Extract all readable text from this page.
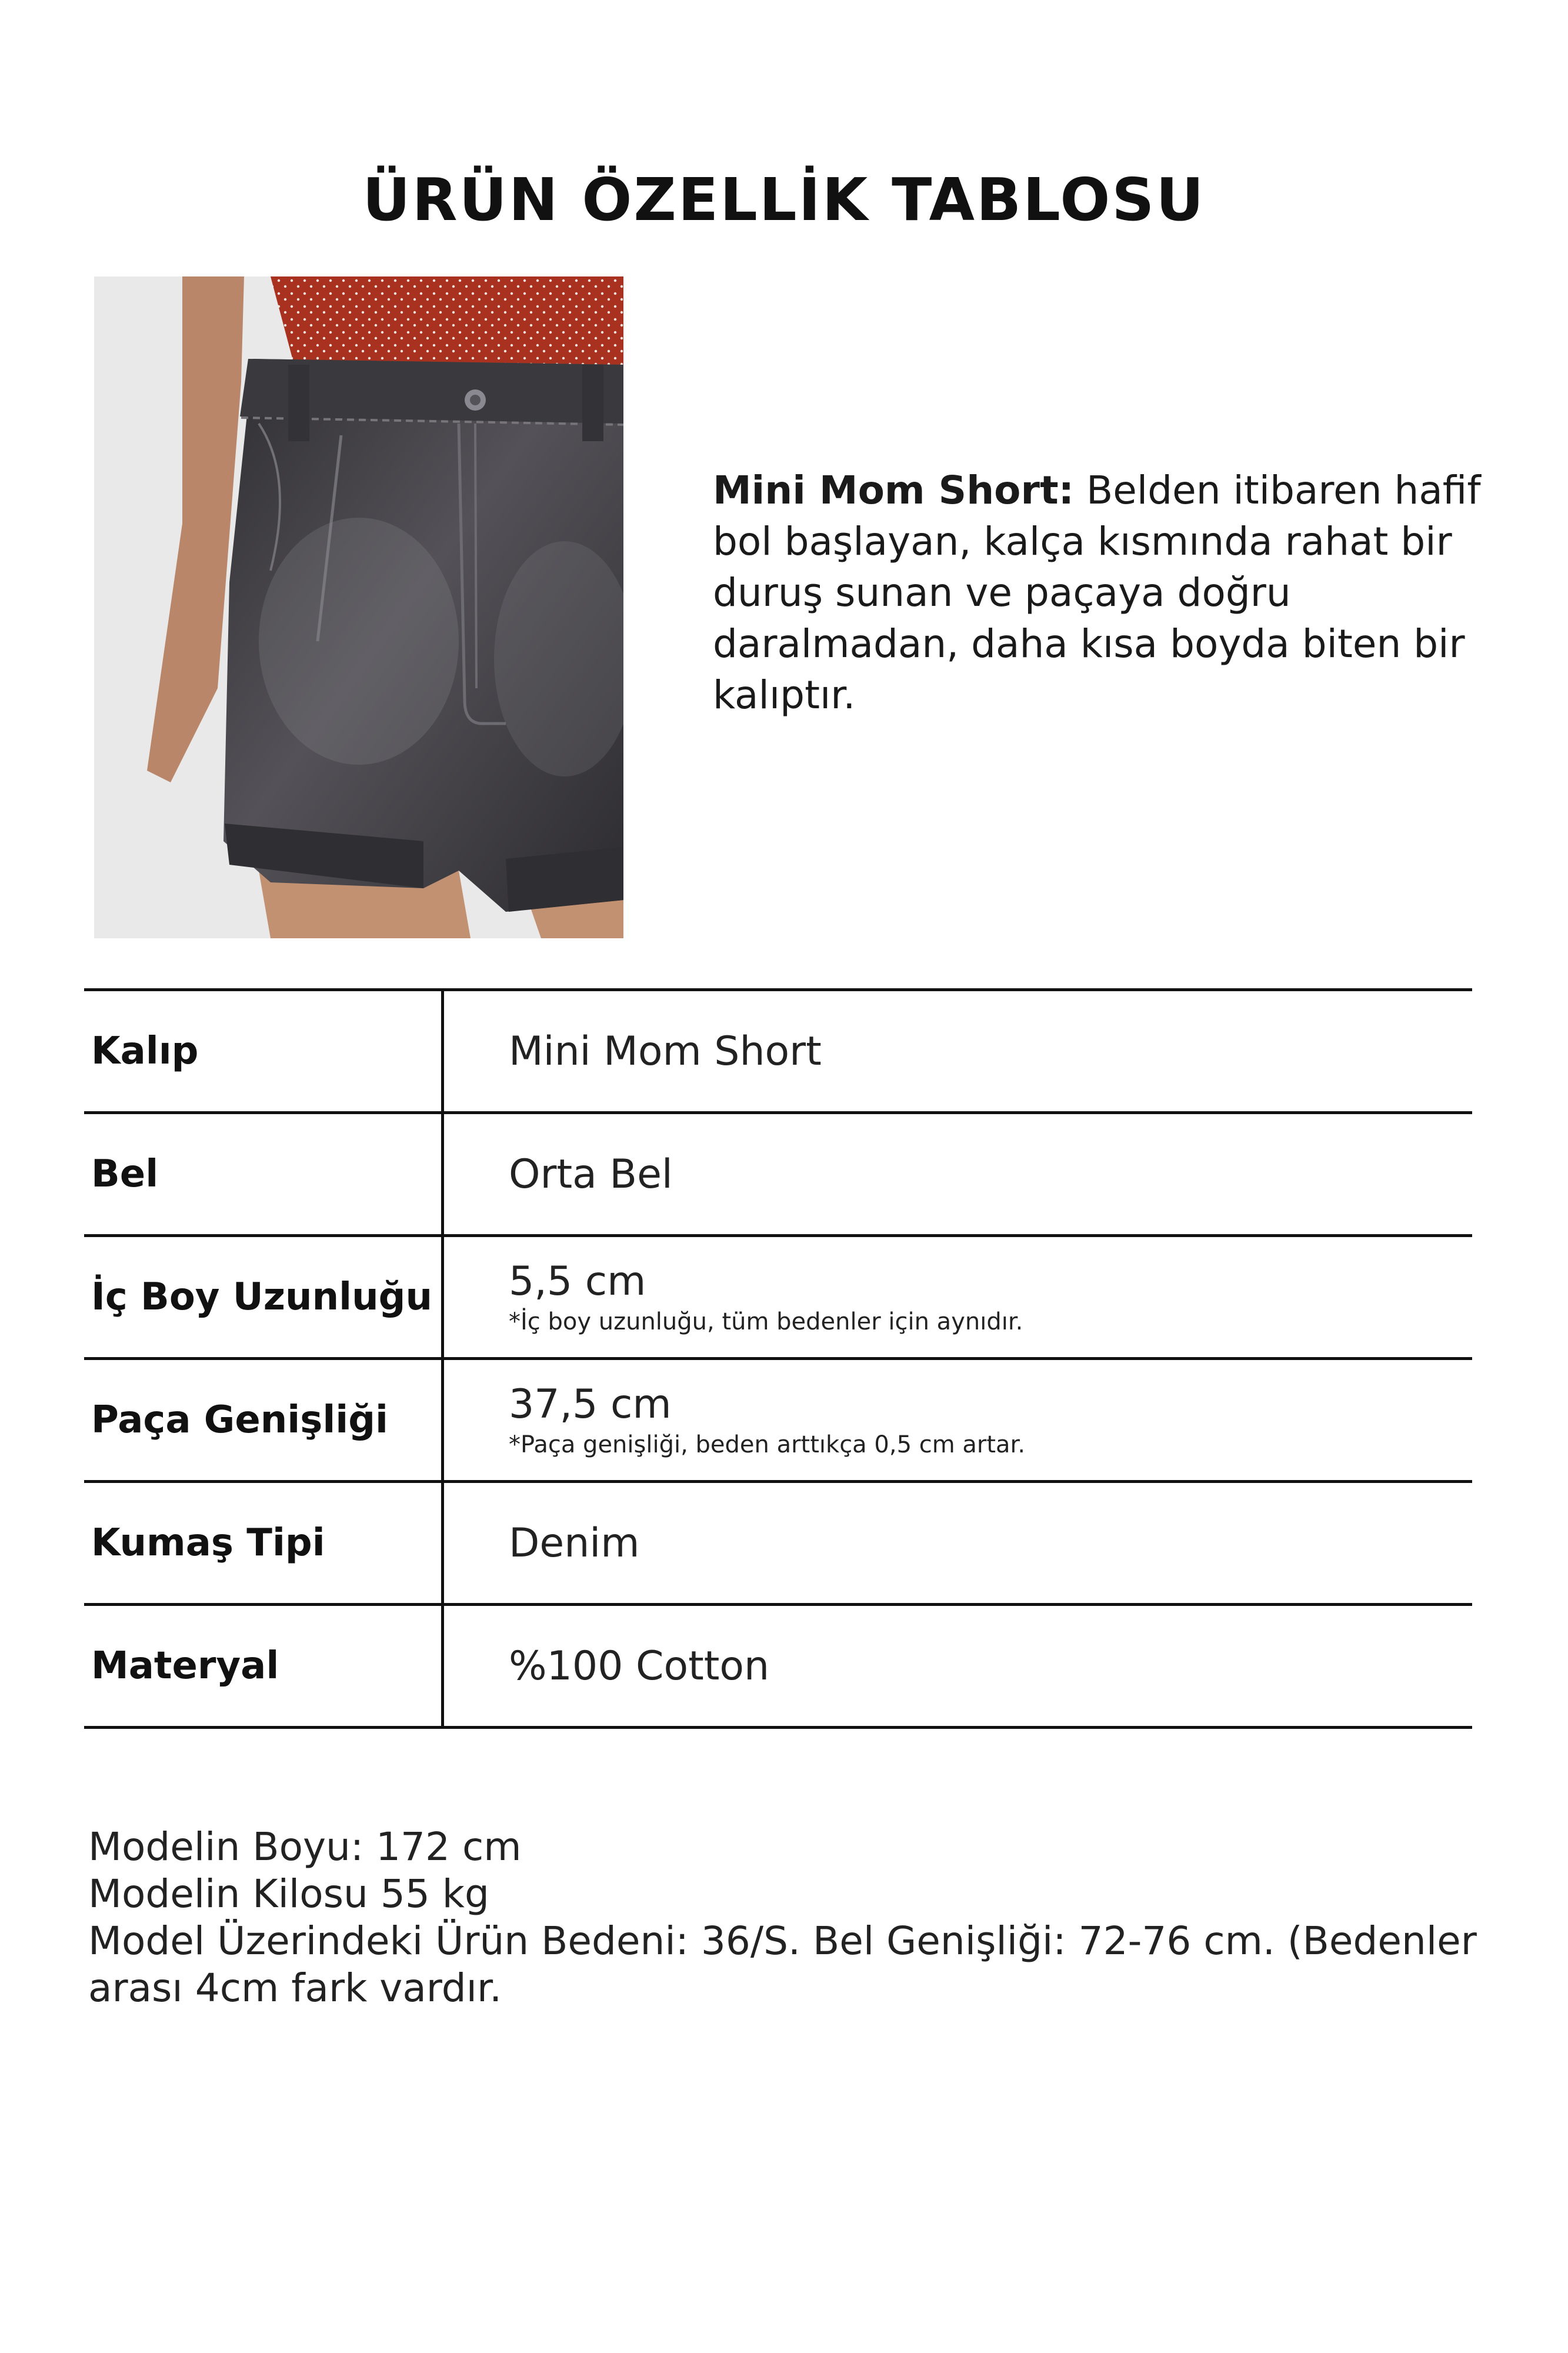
ÜRÜN ÖZELLİK TABLOSU
Mini Mom Short: Belden itibaren hafif bol başlayan, kalça kısmında rahat bir duruş sunan ve paçaya doğru daralmadan, daha kısa boyda biten bir kalıptır.
Kalıp	Mini Mom Short
Bel	Orta Bel
İç Boy Uzunluğu	5,5 cm
*İç boy uzunluğu, tüm bedenler için aynıdır.

Paça Genişliği	37,5 cm
*Paça genişliği, beden arttıkça 0,5 cm artar.

Kumaş Tipi	Denim
Materyal	%100 Cotton
Modelin Boyu: 172 cm
Modelin Kilosu 55 kg
Model Üzerindeki Ürün Bedeni: 36/S. Bel Genişliği: 72-76 cm. (Bedenler arası 4cm fark vardır.
